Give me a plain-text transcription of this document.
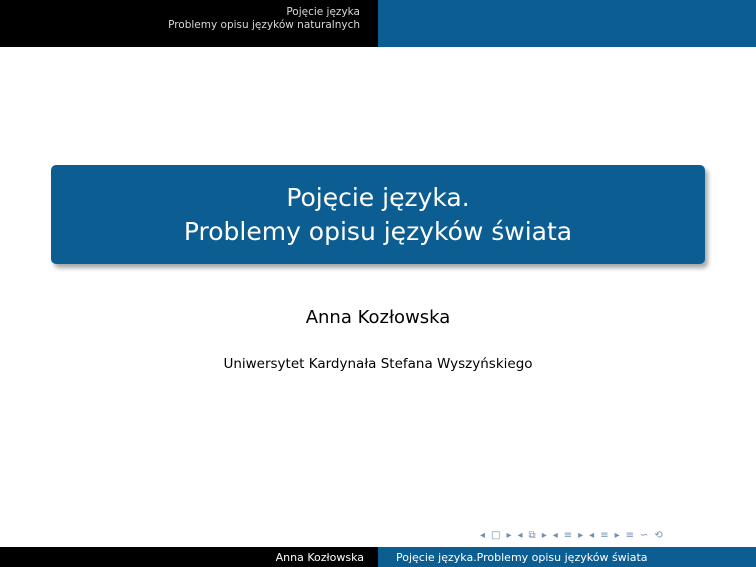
Pojęcie języka
Problemy opisu języków naturalnych
Pojęcie języka.
Problemy opisu języków świata
Anna Kozłowska
Uniwersytet Kardynała Stefana Wyszyńskiego
◂ □ ▸ ◂ ⧉ ▸ ◂ ≡ ▸ ◂ ≡ ▸ ≡ ∽ ⟲
Anna Kozłowska	Pojęcie języka.Problemy opisu języków świata
